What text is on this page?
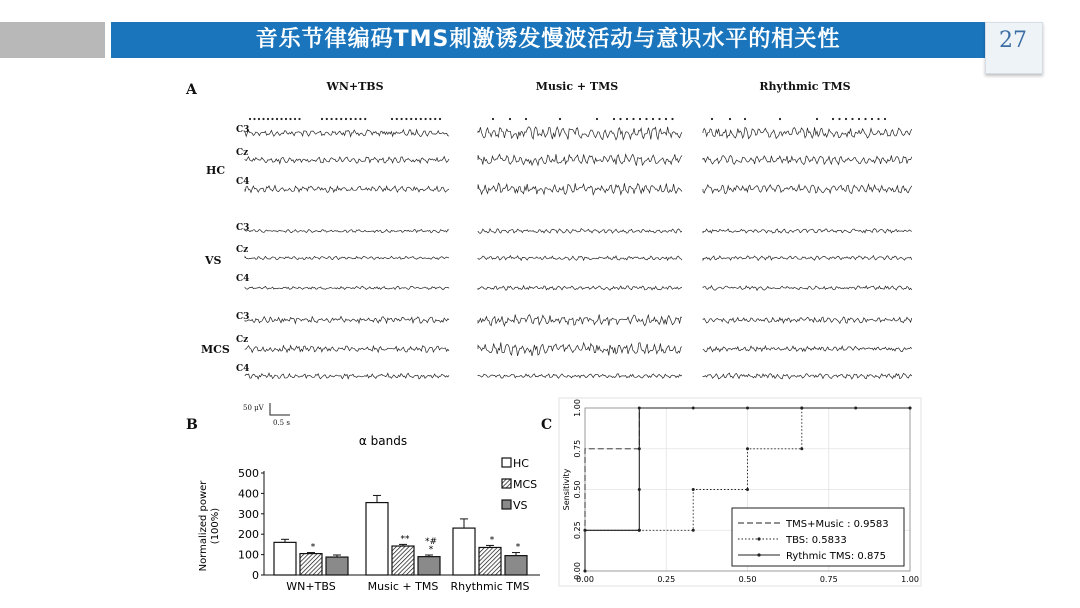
音乐节律编码TMS刺激诱发慢波活动与意识水平的相关性	27
A	WN+TBS	Music + TMS	Rhythmic TMS
HC
VS
MCS
C3
Cz
C4
C3
Cz
C4
C3
Cz
C4
50 μV
0.5 s
B
α bands
Normalized power(100%)
0
100
200
300
400
500
*
WN+TBS
** *#
*
Music + TMS
*
*
Rhythmic TMS
HC
MCS
VS
C
0.00	0.25	0.50	0.75	1.00
0.00
0.25
0.50
0.75
1.00
Sensitivity
TMS+Music : 0.9583
TBS: 0.5833
Rythmic TMS: 0.875
